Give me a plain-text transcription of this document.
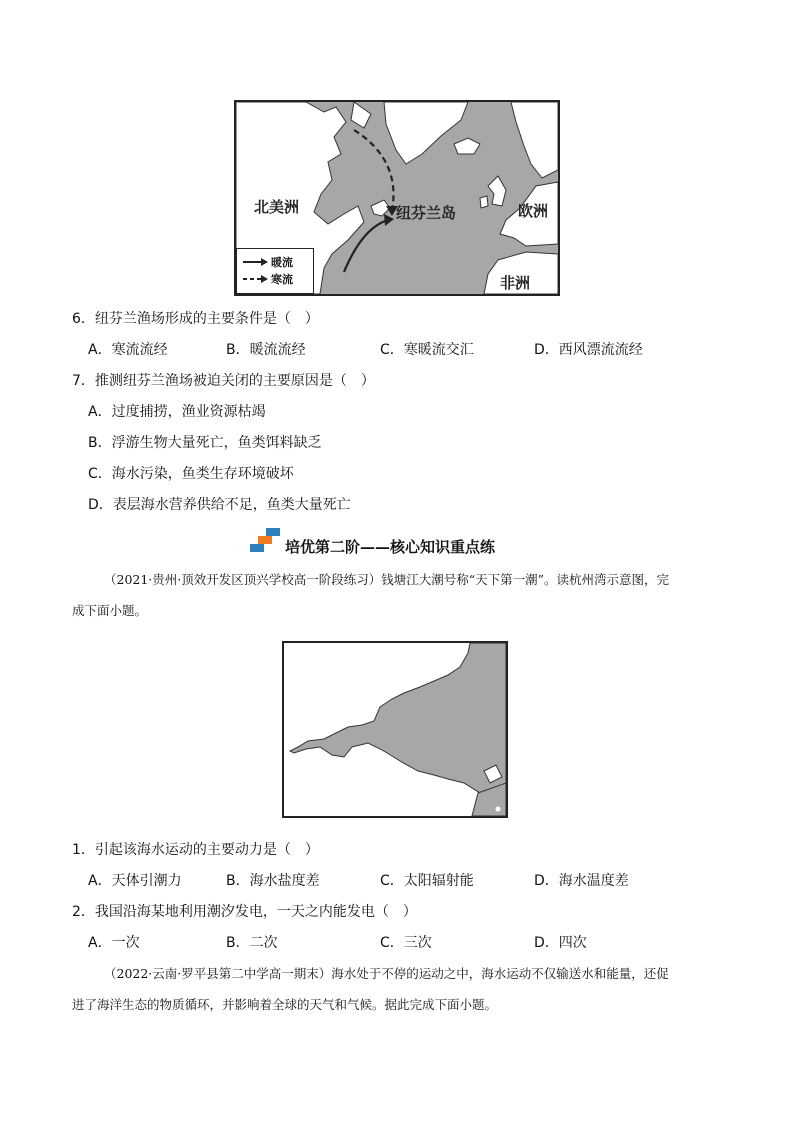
北美洲	纽芬兰岛	欧洲
非洲
暖流
寒流
6．纽芬兰渔场形成的主要条件是（　）
A．寒流流经	B．暖流流经	C．寒暖流交汇	D．西风漂流流经
7．推测纽芬兰渔场被迫关闭的主要原因是（　）
A．过度捕捞，渔业资源枯竭
B．浮游生物大量死亡，鱼类饵料缺乏
C．海水污染，鱼类生存环境破坏
D．表层海水营养供给不足，鱼类大量死亡
培优第二阶——核心知识重点练
（2021·贵州·顶效开发区顶兴学校高一阶段练习）钱塘江大潮号称“天下第一潮”。读杭州湾示意图，完
成下面小题。
1．引起该海水运动的主要动力是（　）
A．天体引潮力	B．海水盐度差	C．太阳辐射能	D．海水温度差
2．我国沿海某地利用潮汐发电，一天之内能发电（　）
A．一次	B．二次	C．三次	D．四次
（2022·云南·罗平县第二中学高一期末）海水处于不停的运动之中，海水运动不仅输送水和能量，还促
进了海洋生态的物质循环，并影响着全球的天气和气候。据此完成下面小题。
